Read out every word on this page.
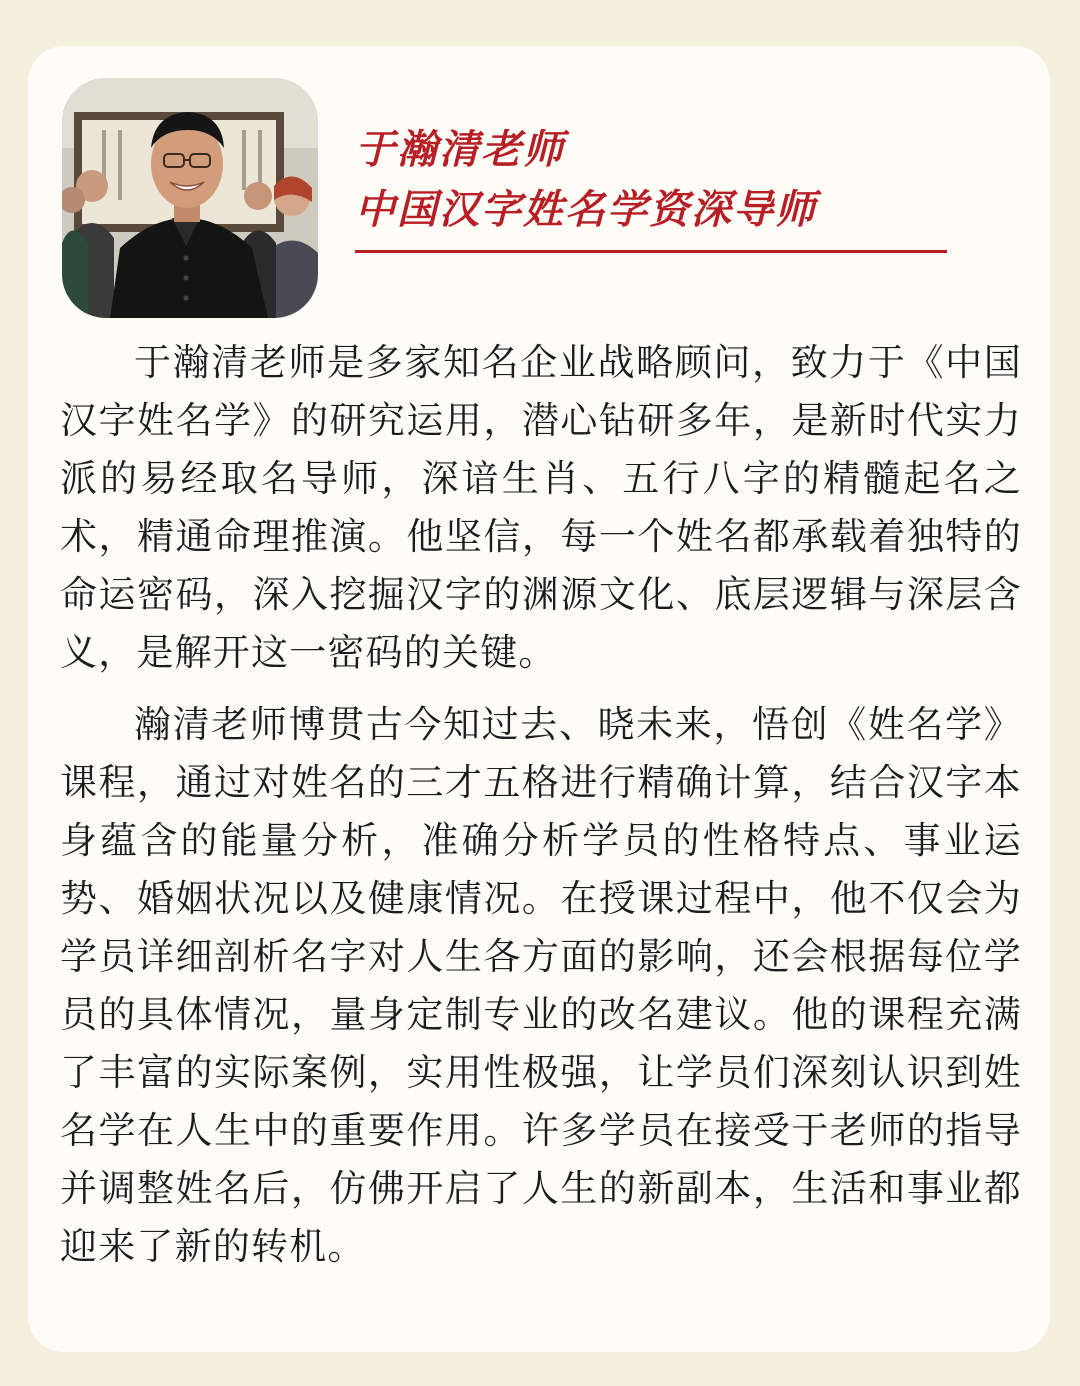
于瀚清老师
中国汉字姓名学资深导师

于瀚清老师是多家知名企业战略顾问，致力于《中国汉字姓名学》的研究运用，潜心钻研多年，是新时代实力派的易经取名导师，深谙生肖、五行八字的精髓起名之术，精通命理推演。他坚信，每一个姓名都承载着独特的命运密码，深入挖掘汉字的渊源文化、底层逻辑与深层含义，是解开这一密码的关键。

瀚清老师博贯古今知过去、晓未来，悟创《姓名学》课程，通过对姓名的三才五格进行精确计算，结合汉字本身蕴含的能量分析，准确分析学员的性格特点、事业运势、婚姻状况以及健康情况。在授课过程中，他不仅会为学员详细剖析名字对人生各方面的影响，还会根据每位学员的具体情况，量身定制专业的改名建议。他的课程充满了丰富的实际案例，实用性极强，让学员们深刻认识到姓名学在人生中的重要作用。许多学员在接受于老师的指导并调整姓名后，仿佛开启了人生的新副本，生活和事业都迎来了新的转机。
